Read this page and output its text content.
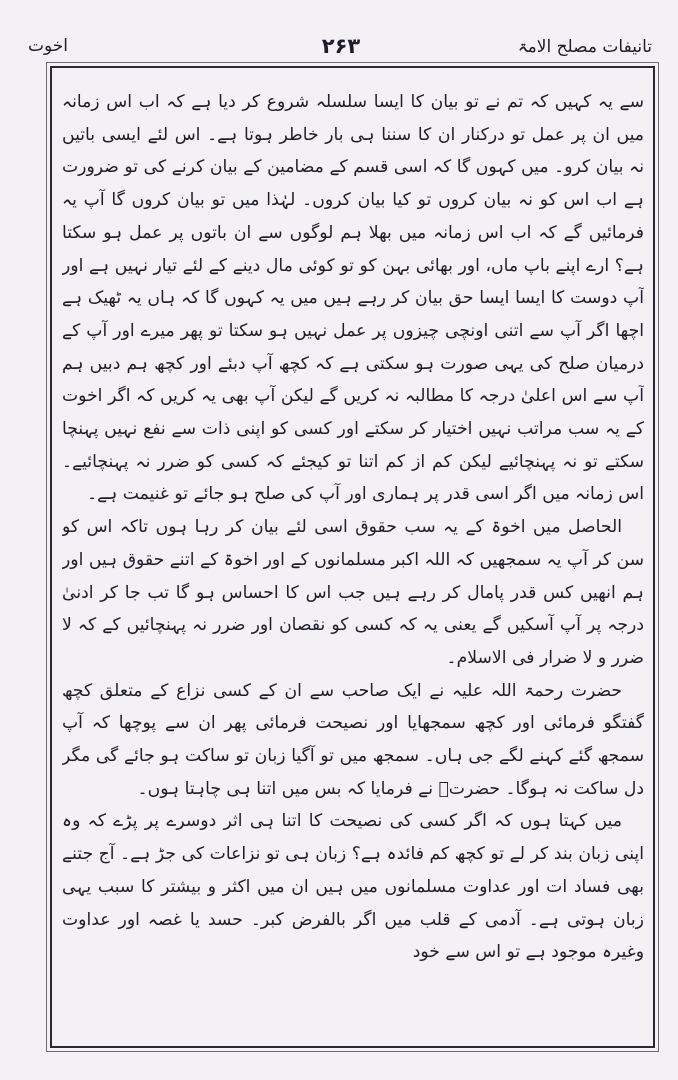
تانیفات مصلح الامۃ
۲۶۳
اخوت

سے یہ کہیں کہ تم نے تو بیان کا ایسا سلسلہ شروع کر دیا ہے کہ اب اس زمانہ میں ان پر عمل تو درکنار ان کا سننا ہی بار خاطر ہوتا ہے۔ اس لئے ایسی باتیں نہ بیان کرو۔ میں کہوں گا کہ اسی قسم کے مضامین کے بیان کرنے کی تو ضرورت ہے اب اس کو نہ بیان کروں تو کیا بیان کروں۔ لہٰذا میں تو بیان کروں گا آپ یہ فرمائیں گے کہ اب اس زمانہ میں بھلا ہم لوگوں سے ان باتوں پر عمل ہو سکتا ہے؟ ارے اپنے باپ ماں، اور بھائی بہن کو تو کوئی مال دینے کے لئے تیار نہیں ہے اور آپ دوست کا ایسا ایسا حق بیان کر رہے ہیں میں یہ کہوں گا کہ ہاں یہ ٹھیک ہے اچھا اگر آپ سے اتنی اونچی چیزوں پر عمل نہیں ہو سکتا تو پھر میرے اور آپ کے درمیان صلح کی یہی صورت ہو سکتی ہے کہ کچھ آپ دبئے اور کچھ ہم دبیں ہم آپ سے اس اعلیٰ درجہ کا مطالبہ نہ کریں گے لیکن آپ بھی یہ کریں کہ اگر اخوت کے یہ سب مراتب نہیں اختیار کر سکتے اور کسی کو اپنی ذات سے نفع نہیں پہنچا سکتے تو نہ پہنچائیے لیکن کم از کم اتنا تو کیجئے کہ کسی کو ضرر نہ پہنچائیے۔ اس زمانہ میں اگر اسی قدر پر ہماری اور آپ کی صلح ہو جائے تو غنیمت ہے۔

الحاصل میں اخوۃ کے یہ سب حقوق اسی لئے بیان کر رہا ہوں تاکہ اس کو سن کر آپ یہ سمجھیں کہ اللہ اکبر مسلمانوں کے اور اخوۃ کے اتنے حقوق ہیں اور ہم انھیں کس قدر پامال کر رہے ہیں جب اس کا احساس ہو گا تب جا کر ادنیٰ درجہ پر آپ آسکیں گے یعنی یہ کہ کسی کو نقصان اور ضرر نہ پہنچائیں کے کہ لا ضرر و لا ضرار فی الاسلام۔

حضرت رحمۃ اللہ علیہ نے ایک صاحب سے ان کے کسی نزاع کے متعلق کچھ گفتگو فرمائی اور کچھ سمجھایا اور نصیحت فرمائی پھر ان سے پوچھا کہ آپ سمجھ گئے کہنے لگے جی ہاں۔ سمجھ میں تو آگیا زبان تو ساکت ہو جائے گی مگر دل ساکت نہ ہوگا۔ حضرتؒ نے فرمایا کہ بس میں اتنا ہی چاہتا ہوں۔

میں کہتا ہوں کہ اگر کسی کی نصیحت کا اتنا ہی اثر دوسرے پر پڑے کہ وہ اپنی زبان بند کر لے تو کچھ کم فائدہ ہے؟ زبان ہی تو نزاعات کی جڑ ہے۔ آج جتنے بھی فساد ات اور عداوت مسلمانوں میں ہیں ان میں اکثر و بیشتر کا سبب یہی زبان ہوتی ہے۔ آدمی کے قلب میں اگر بالفرض کبر۔ حسد یا غصہ اور عداوت وغیرہ موجود ہے تو اس سے خود
